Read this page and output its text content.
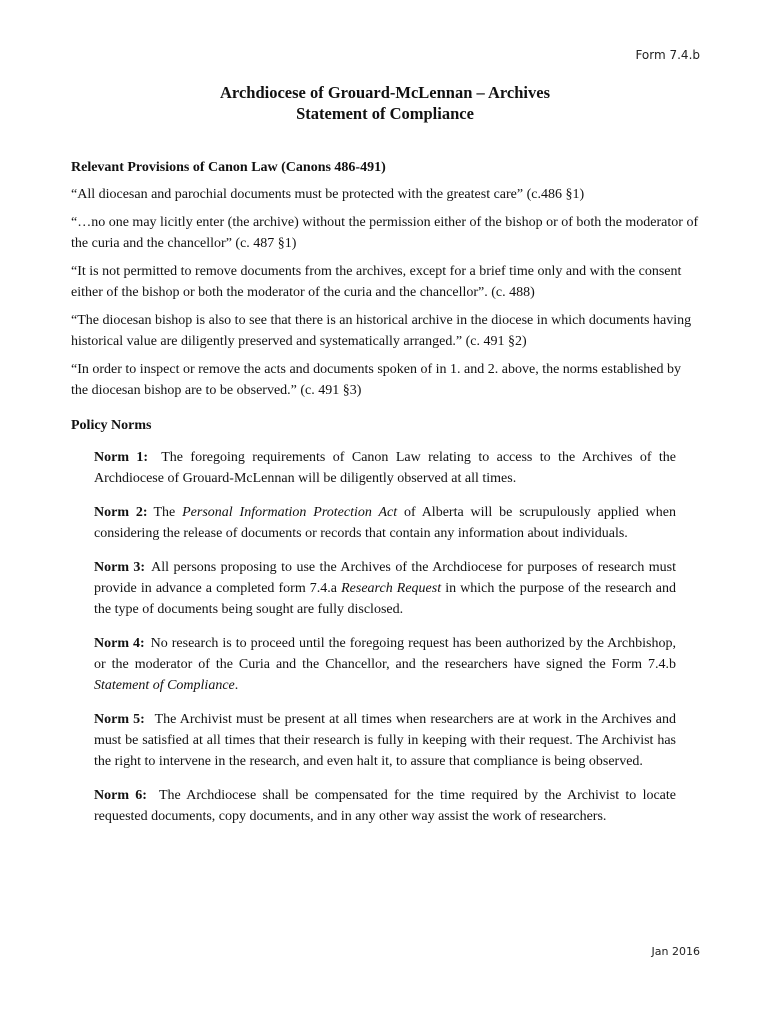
Form 7.4.b
Archdiocese of Grouard-McLennan – Archives
Statement of Compliance
Relevant Provisions of Canon Law (Canons 486-491)
“All diocesan and parochial documents must be protected with the greatest care” (c.486 §1)
“…no one may licitly enter (the archive) without the permission either of the bishop or of both the moderator of the curia and the chancellor” (c. 487 §1)
“It is not permitted to remove documents from the archives, except for a brief time only and with the consent either of the bishop or both the moderator of the curia and the chancellor”. (c. 488)
“The diocesan bishop is also to see that there is an historical archive in the diocese in which documents having historical value are diligently preserved and systematically arranged.” (c. 491 §2)
“In order to inspect or remove the acts and documents spoken of in 1. and 2. above, the norms established by the diocesan bishop are to be observed.” (c. 491 §3)
Policy Norms
Norm 1: The foregoing requirements of Canon Law relating to access to the Archives of the Archdiocese of Grouard-McLennan will be diligently observed at all times.
Norm 2: The Personal Information Protection Act of Alberta will be scrupulously applied when considering the release of documents or records that contain any information about individuals.
Norm 3: All persons proposing to use the Archives of the Archdiocese for purposes of research must provide in advance a completed form 7.4.a Research Request in which the purpose of the research and the type of documents being sought are fully disclosed.
Norm 4: No research is to proceed until the foregoing request has been authorized by the Archbishop, or the moderator of the Curia and the Chancellor, and the researchers have signed the Form 7.4.b Statement of Compliance.
Norm 5: The Archivist must be present at all times when researchers are at work in the Archives and must be satisfied at all times that their research is fully in keeping with their request. The Archivist has the right to intervene in the research, and even halt it, to assure that compliance is being observed.
Norm 6: The Archdiocese shall be compensated for the time required by the Archivist to locate requested documents, copy documents, and in any other way assist the work of researchers.
Jan 2016
